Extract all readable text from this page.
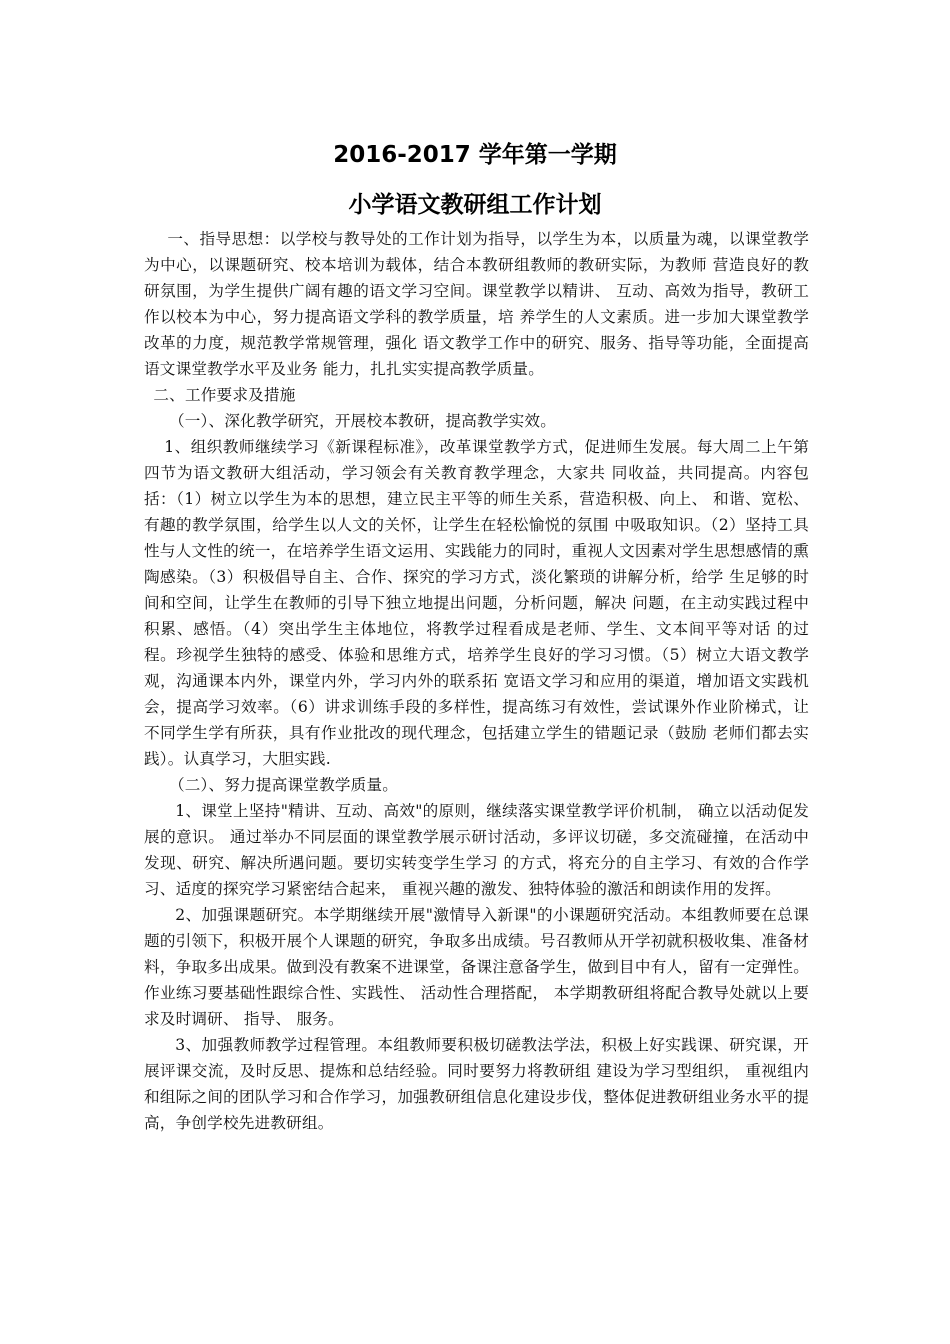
2016-2017 学年第一学期
小学语文教研组工作计划

一、指导思想：以学校与教导处的工作计划为指导，以学生为本，以质量为魂，以课堂教学 为中心，以课题研究、校本培训为载体，结合本教研组教师的教研实际，为教师 营造良好的教研氛围，为学生提供广阔有趣的语文学习空间。课堂教学以精讲、 互动、高效为指导，教研工作以校本为中心，努力提高语文学科的教学质量，培 养学生的人文素质。进一步加大课堂教学改革的力度，规范教学常规管理，强化 语文教学工作中的研究、服务、指导等功能，全面提高语文课堂教学水平及业务 能力，扎扎实实提高教学质量。

二、工作要求及措施

（一）、深化教学研究，开展校本教研，提高教学实效。

1、组织教师继续学习《新课程标准》，改革课堂教学方式，促进师生发展。每大周二上午第四节为语文教研大组活动，学习领会有关教育教学理念，大家共 同收益，共同提高。内容包括：（1）树立以学生为本的思想，建立民主平等的师生关系，营造积极、向上、 和谐、宽松、有趣的教学氛围，给学生以人文的关怀，让学生在轻松愉悦的氛围 中吸取知识。（2）坚持工具性与人文性的统一，在培养学生语文运用、实践能力的同时，重视人文因素对学生思想感情的熏陶感染。（3）积极倡导自主、合作、探究的学习方式，淡化繁琐的讲解分析，给学 生足够的时间和空间，让学生在教师的引导下独立地提出问题，分析问题，解决 问题，在主动实践过程中积累、感悟。（4）突出学生主体地位，将教学过程看成是老师、学生、文本间平等对话 的过程。珍视学生独特的感受、体验和思维方式，培养学生良好的学习习惯。（5）树立大语文教学观，沟通课本内外，课堂内外，学习内外的联系拓 宽语文学习和应用的渠道，增加语文实践机会，提高学习效率。（6）讲求训练手段的多样性，提高练习有效性，尝试课外作业阶梯式，让 不同学生学有所获，具有作业批改的现代理念，包括建立学生的错题记录（鼓励 老师们都去实践）。认真学习，大胆实践.

（二）、努力提高课堂教学质量。

1、课堂上坚持"精讲、互动、高效"的原则，继续落实课堂教学评价机制， 确立以活动促发展的意识。 通过举办不同层面的课堂教学展示研讨活动，多评议切磋，多交流碰撞，在活动中发现、研究、解决所遇问题。要切实转变学生学习 的方式，将充分的自主学习、有效的合作学习、适度的探究学习紧密结合起来， 重视兴趣的激发、独特体验的激活和朗读作用的发挥。

2、加强课题研究。本学期继续开展"激情导入新课"的小课题研究活动。本组教师要在总课题的引领下，积极开展个人课题的研究，争取多出成绩。号召教师从开学初就积极收集、准备材料，争取多出成果。做到没有教案不进课堂，备课注意备学生，做到目中有人，留有一定弹性。作业练习要基础性跟综合性、实践性、 活动性合理搭配， 本学期教研组将配合教导处就以上要求及时调研、 指导、 服务。

3、加强教师教学过程管理。本组教师要积极切磋教法学法，积极上好实践课、研究课，开展评课交流，及时反思、提炼和总结经验。同时要努力将教研组 建设为学习型组织， 重视组内和组际之间的团队学习和合作学习，加强教研组信息化建设步伐，整体促进教研组业务水平的提高，争创学校先进教研组。
